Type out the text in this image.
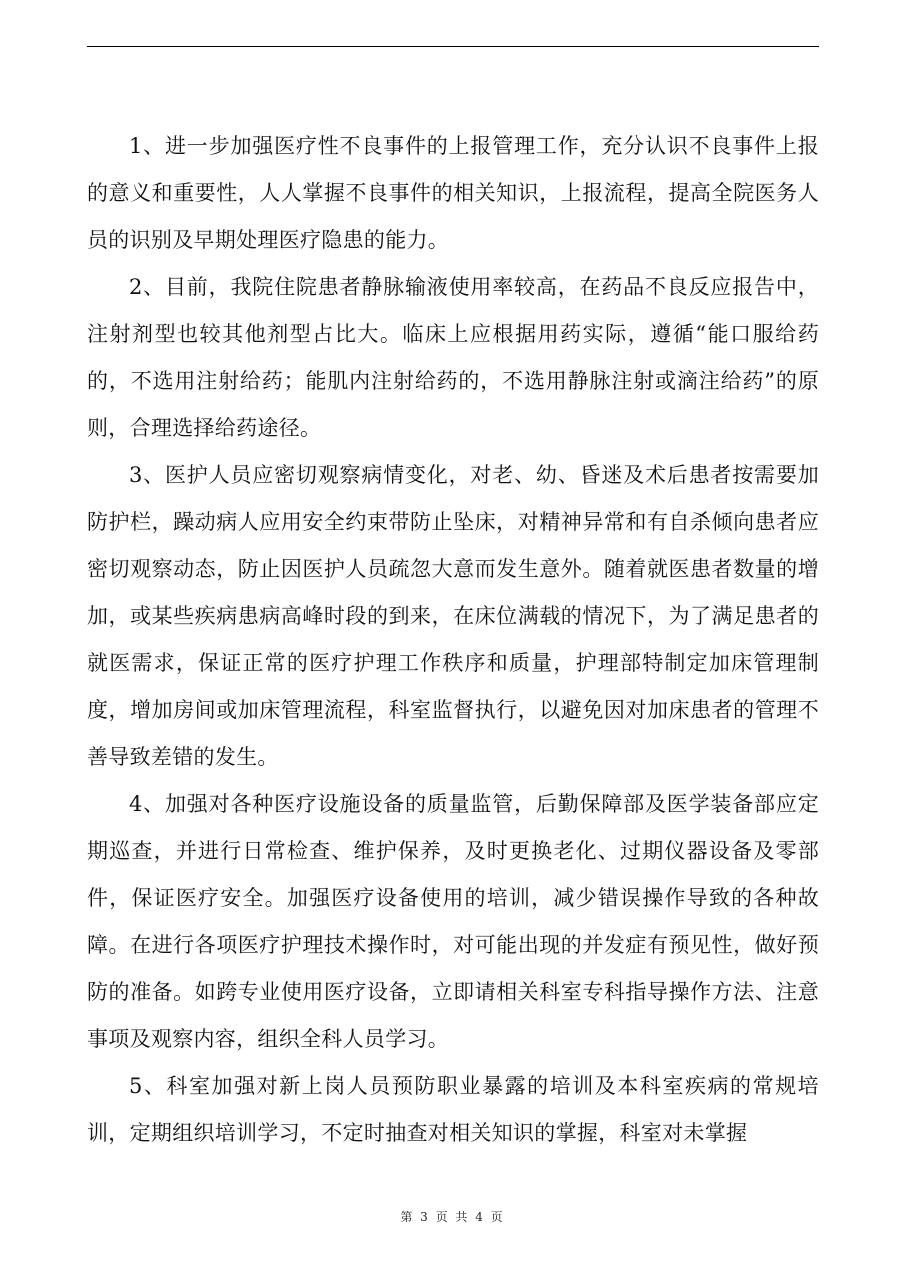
1、进一步加强医疗性不良事件的上报管理工作，充分认识不良事件上报的意义和重要性，人人掌握不良事件的相关知识，上报流程，提高全院医务人员的识别及早期处理医疗隐患的能力。

2、目前，我院住院患者静脉输液使用率较高，在药品不良反应报告中，注射剂型也较其他剂型占比大。临床上应根据用药实际，遵循“能口服给药的，不选用注射给药；能肌内注射给药的，不选用静脉注射或滴注给药”的原则，合理选择给药途径。

3、医护人员应密切观察病情变化，对老、幼、昏迷及术后患者按需要加防护栏，躁动病人应用安全约束带防止坠床，对精神异常和有自杀倾向患者应密切观察动态，防止因医护人员疏忽大意而发生意外。随着就医患者数量的增加，或某些疾病患病高峰时段的到来，在床位满载的情况下，为了满足患者的就医需求，保证正常的医疗护理工作秩序和质量，护理部特制定加床管理制度，增加房间或加床管理流程，科室监督执行，以避免因对加床患者的管理不善导致差错的发生。

4、加强对各种医疗设施设备的质量监管，后勤保障部及医学装备部应定期巡查，并进行日常检查、维护保养，及时更换老化、过期仪器设备及零部件，保证医疗安全。加强医疗设备使用的培训，减少错误操作导致的各种故障。在进行各项医疗护理技术操作时，对可能出现的并发症有预见性，做好预防的准备。如跨专业使用医疗设备，立即请相关科室专科指导操作方法、注意事项及观察内容，组织全科人员学习。

5、科室加强对新上岗人员预防职业暴露的培训及本科室疾病的常规培训，定期组织培训学习，不定时抽查对相关知识的掌握，科室对未掌握

第 3 页 共 4 页
